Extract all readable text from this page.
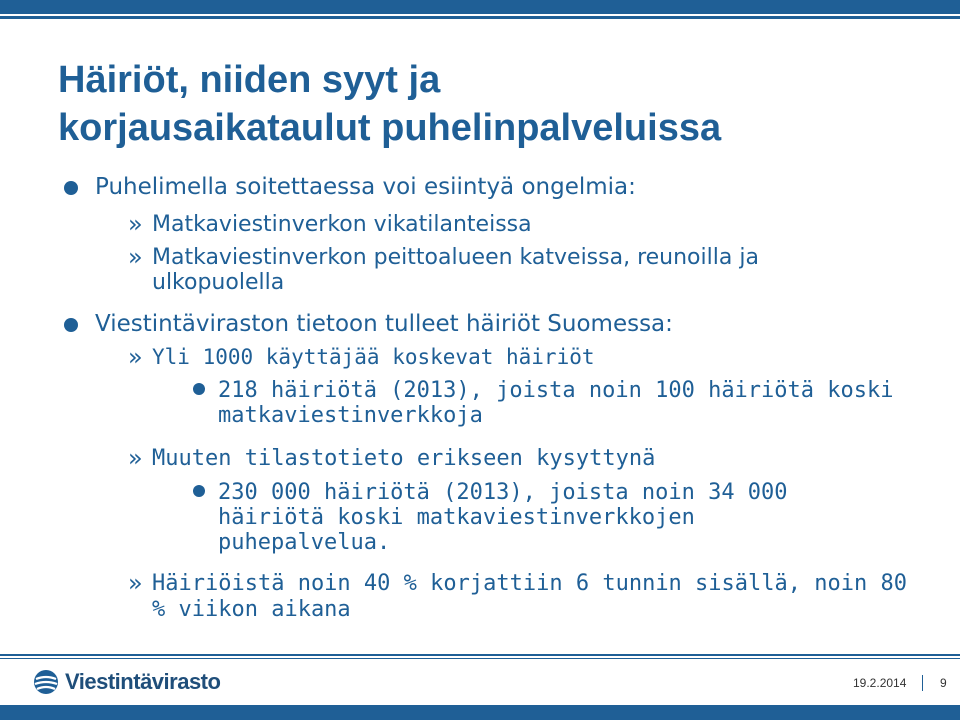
Häiriöt, niiden syyt ja
korjausaikataulut puhelinpalveluissa
Puhelimella soitettaessa voi esiintyä ongelmia:
» Matkaviestinverkon vikatilanteissa
» Matkaviestinverkon peittoalueen katveissa, reunoilla ja
ulkopuolella
Viestintäviraston tietoon tulleet häiriöt Suomessa:
» Yli 1000 käyttäjää koskevat häiriöt
218 häiriötä (2013), joista noin 100 häiriötä koski
matkaviestinverkkoja
» Muuten tilastotieto erikseen kysyttynä
230 000 häiriötä (2013), joista noin 34 000
häiriötä koski matkaviestinverkkojen
puhepalvelua.
» Häiriöistä noin 40 % korjattiin 6 tunnin sisällä, noin 80
% viikon aikana
Viestintävirasto	19.2.2014	9
